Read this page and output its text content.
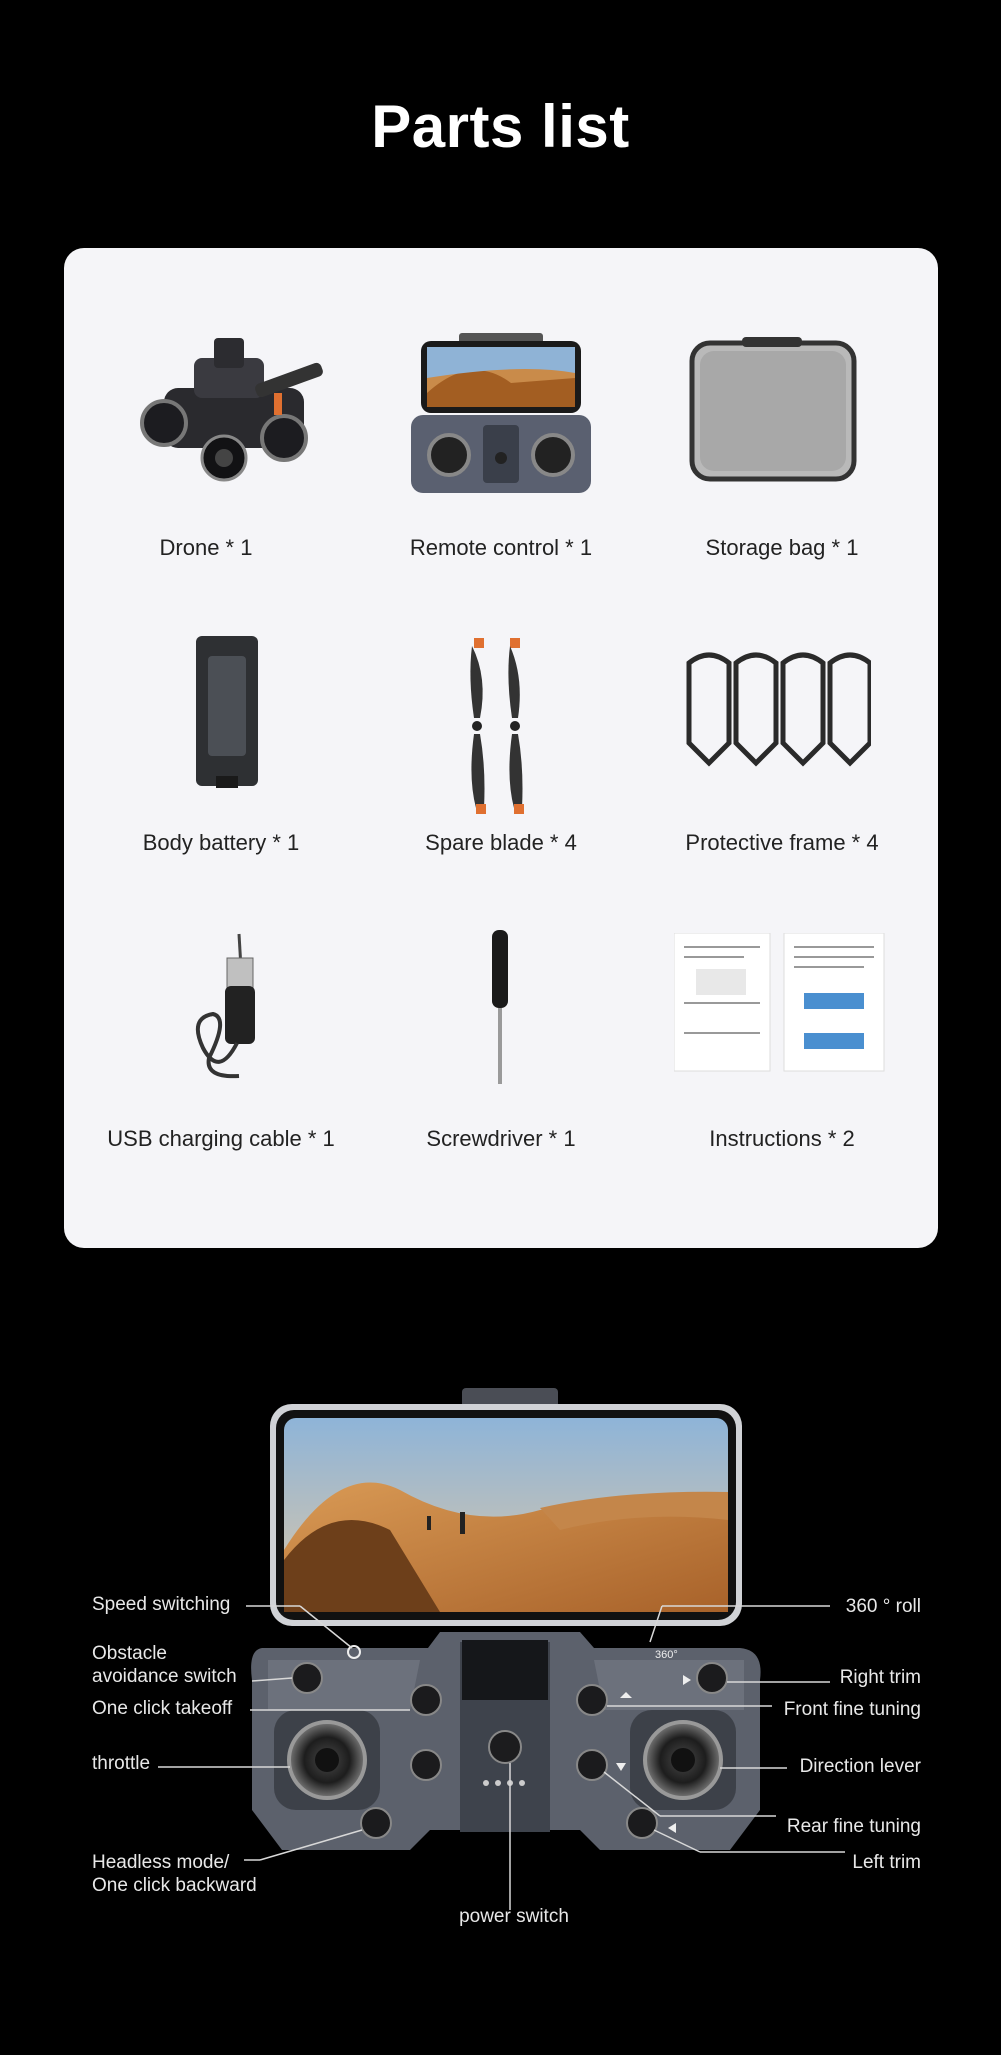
Parts list
Drone * 1	Remote control * 1	Storage bag * 1
Body battery * 1	Spare blade * 4	Protective frame * 4
USB charging cable * 1	Screwdriver * 1	Instructions * 2
360°
Speed switching
Obstacle
avoidance switch
One click takeoff
throttle
Headless mode/
One click backward
360 ° roll
Right trim
Front fine tuning
Direction lever
Rear fine tuning
Left trim
power switch
